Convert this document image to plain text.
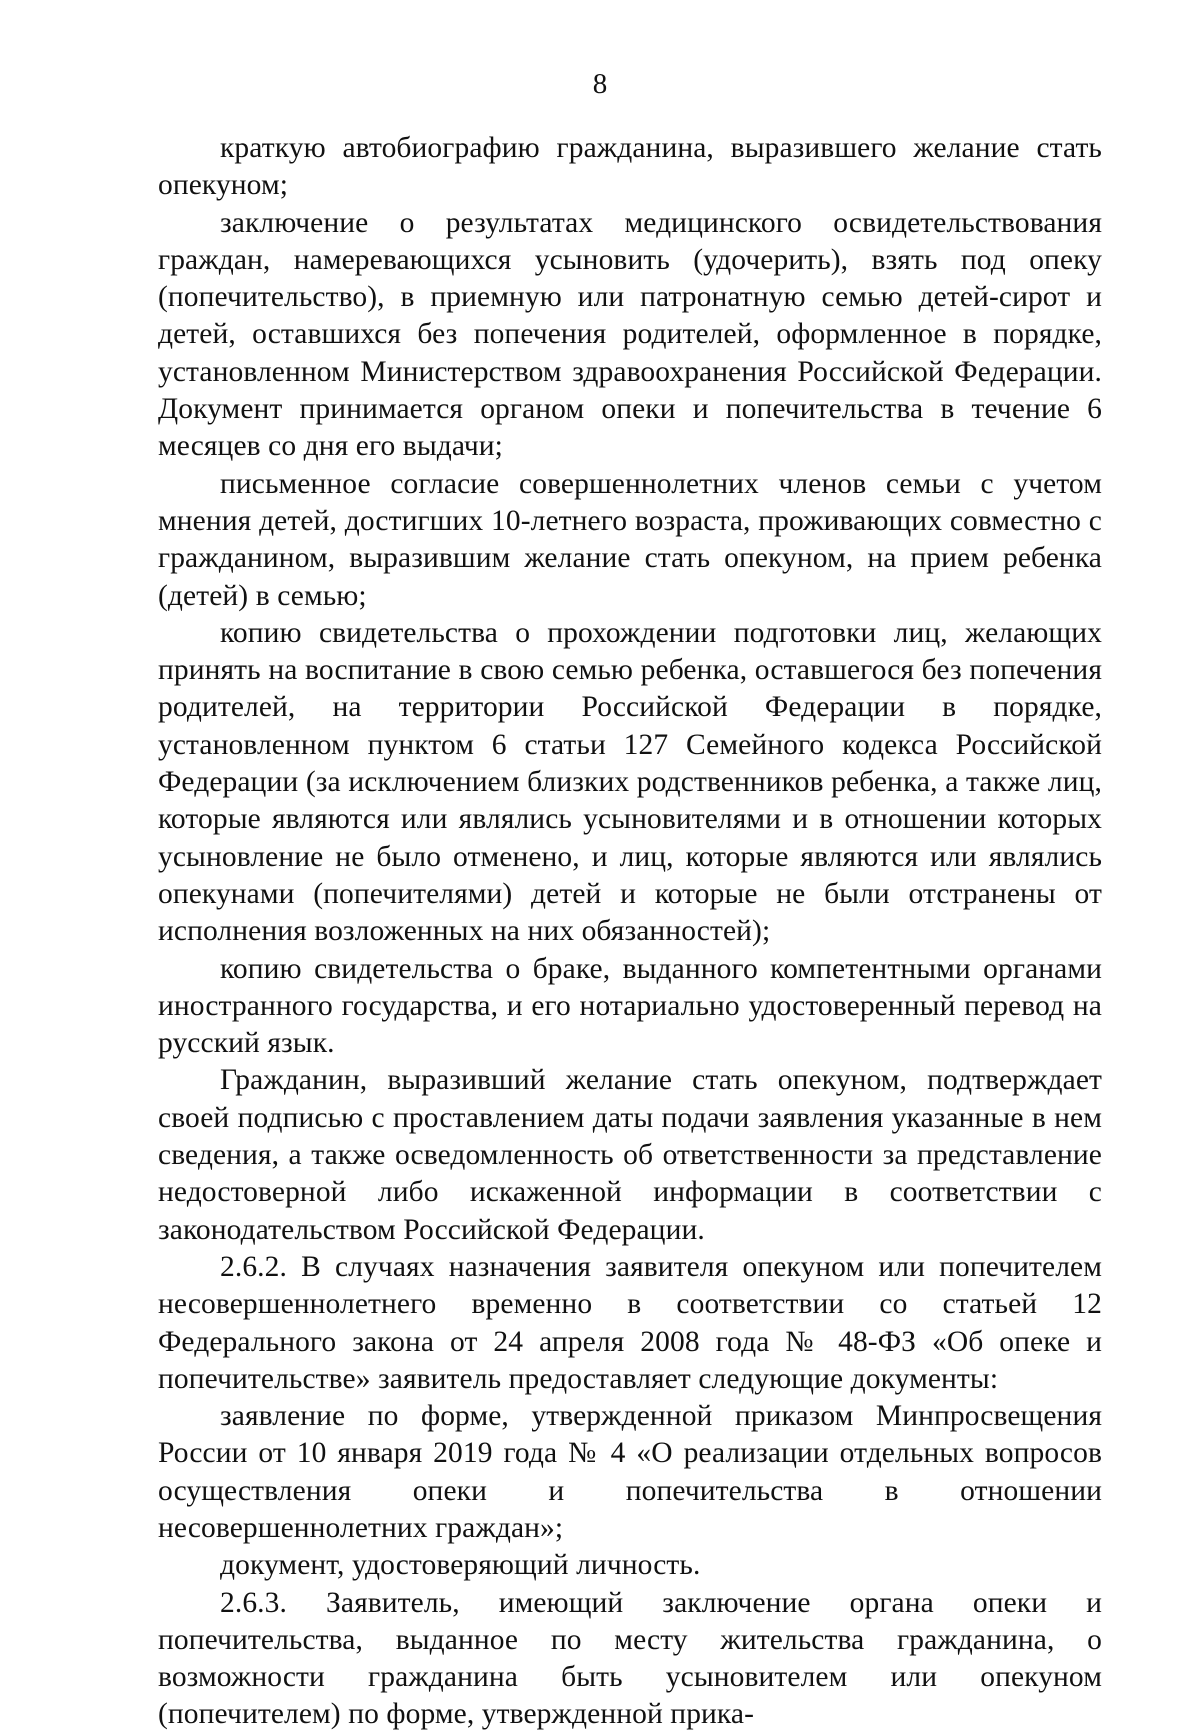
8

краткую автобиографию гражданина, выразившего желание стать опекуном;

заключение о результатах медицинского освидетельствования граждан, намеревающихся усыновить (удочерить), взять под опеку (попечительство), в приемную или патронатную семью детей-сирот и детей, оставшихся без попечения родителей, оформленное в порядке, установленном Министерством здравоохранения Российской Федерации. Документ принимается органом опеки и попечительства в течение 6 месяцев со дня его выдачи;

письменное согласие совершеннолетних членов семьи с учетом мнения детей, достигших 10-летнего возраста, проживающих совместно с гражданином, выразившим желание стать опекуном, на прием ребенка (детей) в семью;

копию свидетельства о прохождении подготовки лиц, желающих принять на воспитание в свою семью ребенка, оставшегося без попечения родителей, на территории Российской Федерации в порядке, установленном пунктом 6 статьи 127 Семейного кодекса Российской Федерации (за исключением близких родственников ребенка, а также лиц, которые являются или являлись усыновителями и в отношении которых усыновление не было отменено, и лиц, которые являются или являлись опекунами (попечителями) детей и которые не были отстранены от исполнения возложенных на них обязанностей);

копию свидетельства о браке, выданного компетентными органами иностранного государства, и его нотариально удостоверенный перевод на русский язык.

Гражданин, выразивший желание стать опекуном, подтверждает своей подписью с проставлением даты подачи заявления указанные в нем сведения, а также осведомленность об ответственности за представление недостоверной либо искаженной информации в соответствии с законодательством Российской Федерации.

2.6.2. В случаях назначения заявителя опекуном или попечителем несовершеннолетнего временно в соответствии со статьей 12 Федерального закона от 24 апреля 2008 года № 48-ФЗ «Об опеке и попечительстве» заявитель предоставляет следующие документы:

заявление по форме, утвержденной приказом Минпросвещения России от 10 января 2019 года № 4 «О реализации отдельных вопросов осуществления опеки и попечительства в отношении несовершеннолетних граждан»;

документ, удостоверяющий личность.

2.6.3. Заявитель, имеющий заключение органа опеки и попечительства, выданное по месту жительства гражданина, о возможности гражданина быть усыновителем или опекуном (попечителем) по форме, утвержденной прика-
